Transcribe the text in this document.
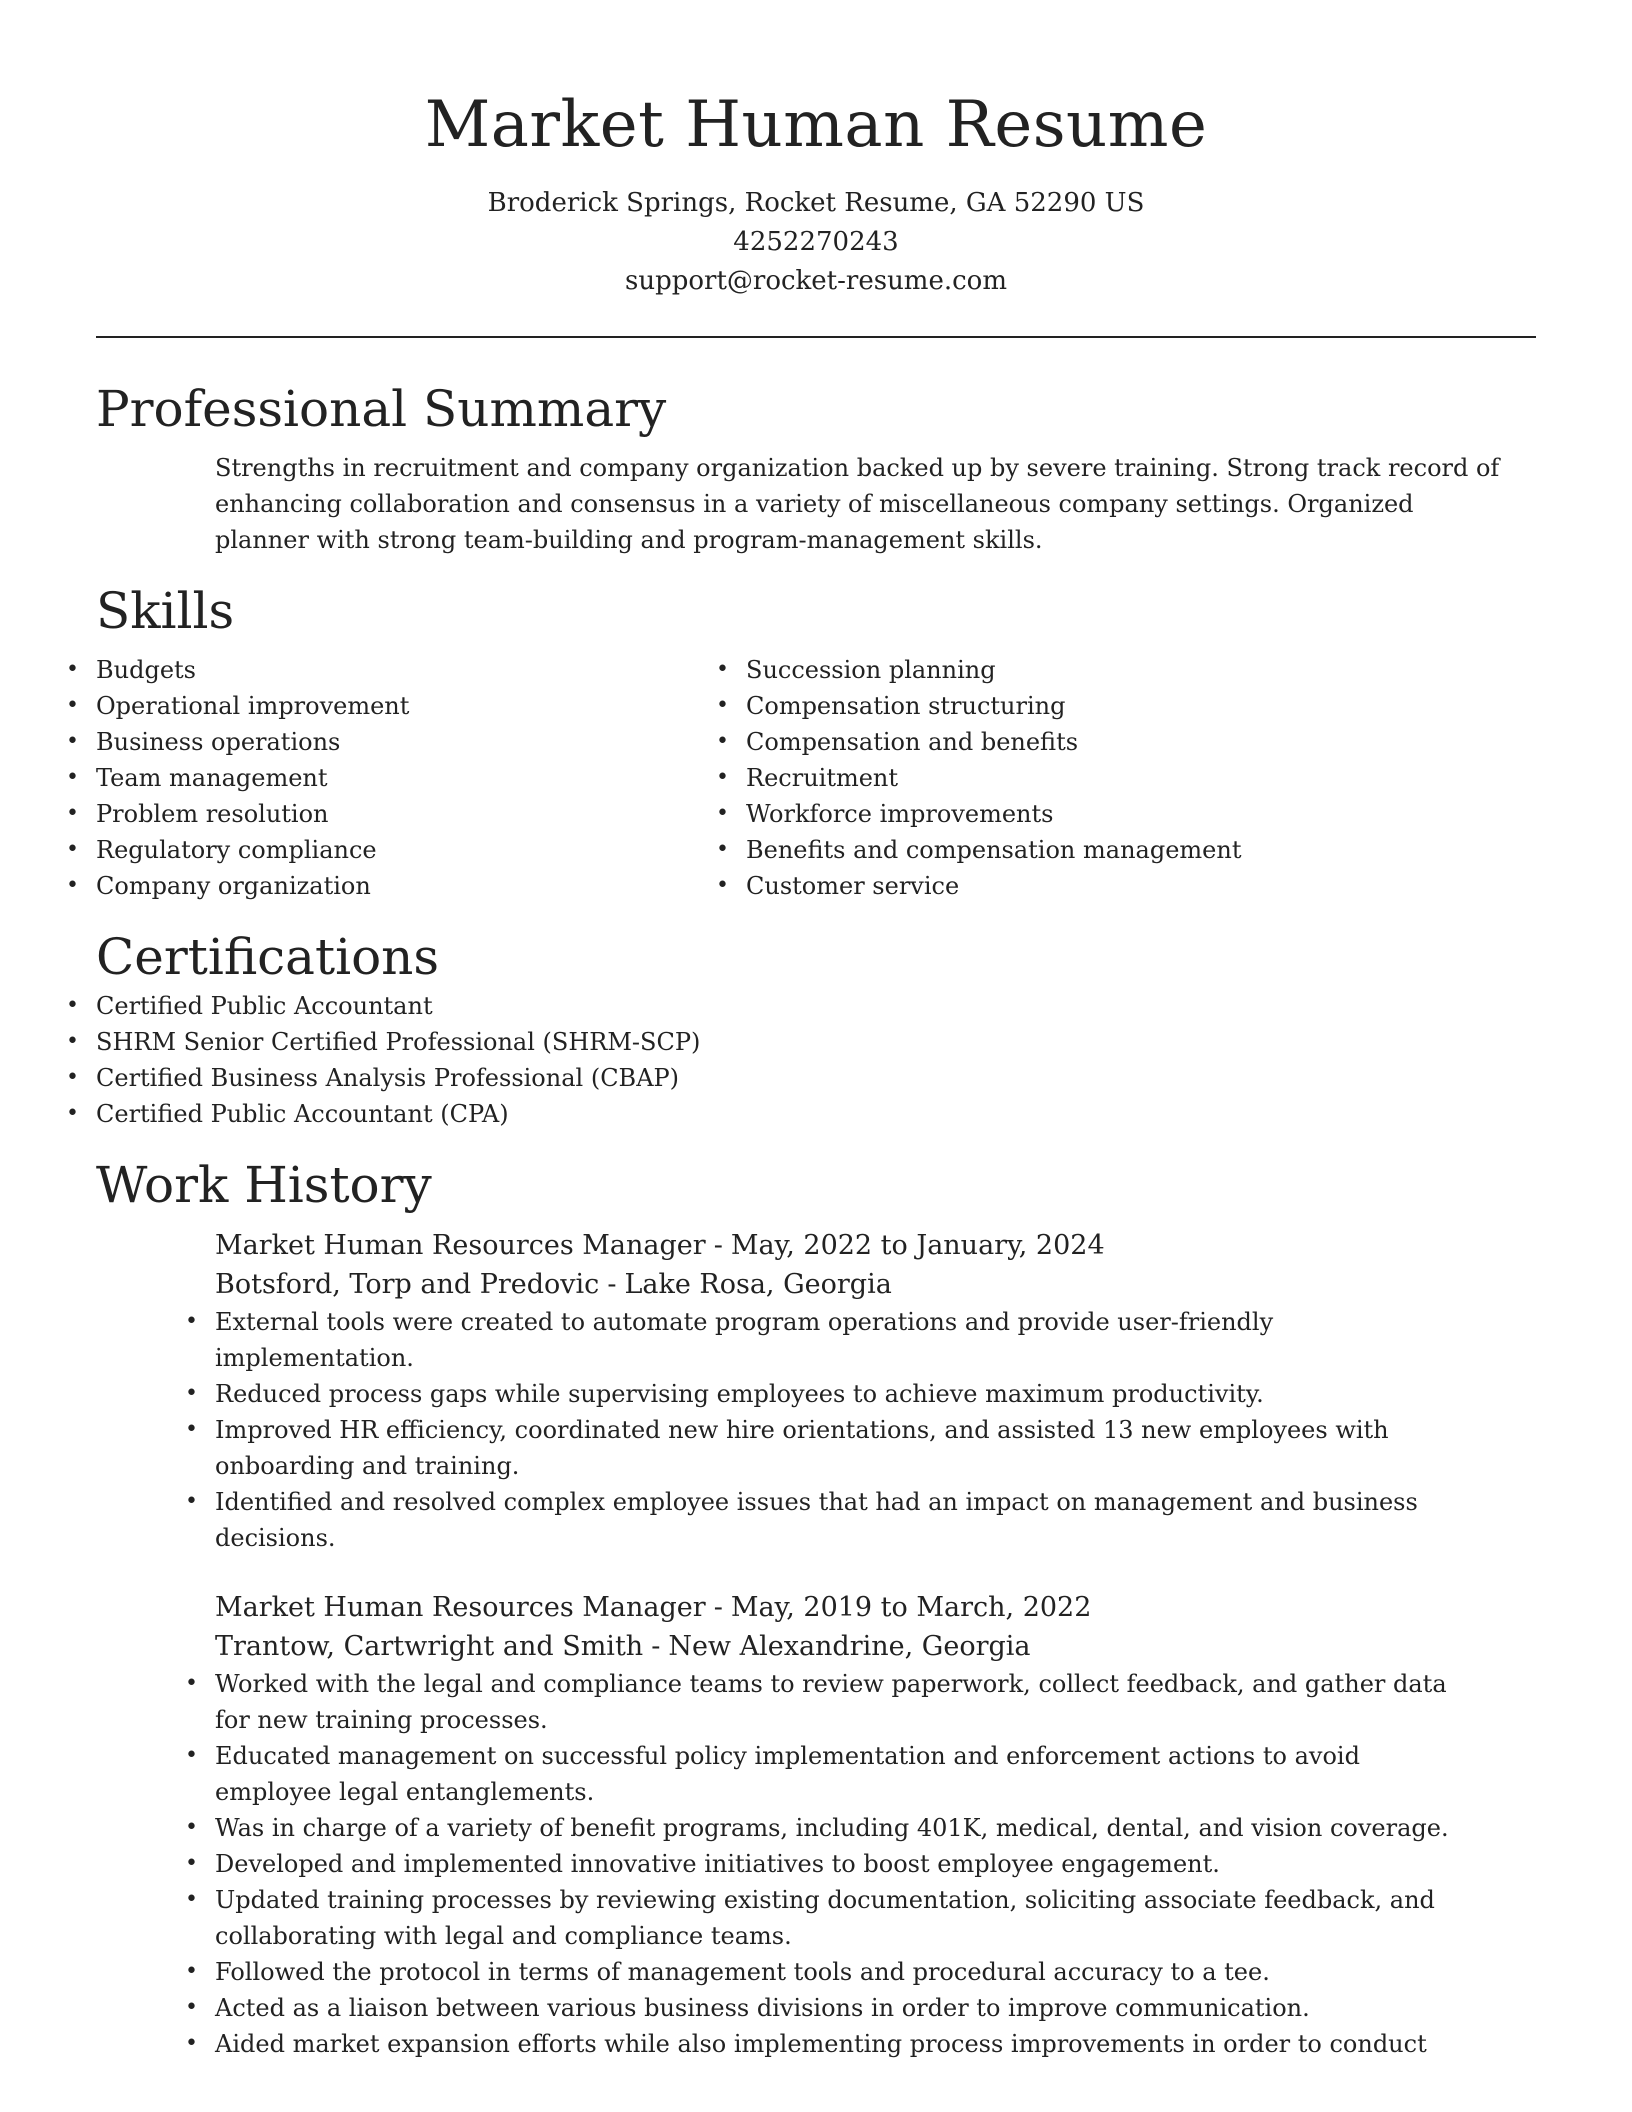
Market Human Resume
Broderick Springs, Rocket Resume, GA 52290 US
4252270243
support@rocket-resume.com
Professional Summary

Strengths in recruitment and company organization backed up by severe training. Strong track record of enhancing collaboration and consensus in a variety of miscellaneous company settings. Organized planner with strong team-building and program-management skills.

Skills
• Budgets
• Operational improvement
• Business operations
• Team management
• Problem resolution
• Regulatory compliance
• Company organization
• Succession planning
• Compensation structuring
• Compensation and benefits
• Recruitment
• Workforce improvements
• Benefits and compensation management
• Customer service
Certifications
• Certified Public Accountant
• SHRM Senior Certified Professional (SHRM-SCP)
• Certified Business Analysis Professional (CBAP)
• Certified Public Accountant (CPA)
Work History
Market Human Resources Manager - May, 2022 to January, 2024
Botsford, Torp and Predovic - Lake Rosa, Georgia
• External tools were created to automate program operations and provide user-friendly implementation.
• Reduced process gaps while supervising employees to achieve maximum productivity.
• Improved HR efficiency, coordinated new hire orientations, and assisted 13 new employees with onboarding and training.
• Identified and resolved complex employee issues that had an impact on management and business decisions.
Market Human Resources Manager - May, 2019 to March, 2022
Trantow, Cartwright and Smith - New Alexandrine, Georgia
• Worked with the legal and compliance teams to review paperwork, collect feedback, and gather data for new training processes.
• Educated management on successful policy implementation and enforcement actions to avoid employee legal entanglements.
• Was in charge of a variety of benefit programs, including 401K, medical, dental, and vision coverage.
• Developed and implemented innovative initiatives to boost employee engagement.
• Updated training processes by reviewing existing documentation, soliciting associate feedback, and collaborating with legal and compliance teams.
• Followed the protocol in terms of management tools and procedural accuracy to a tee.
• Acted as a liaison between various business divisions in order to improve communication.
• Aided market expansion efforts while also implementing process improvements in order to conduct
